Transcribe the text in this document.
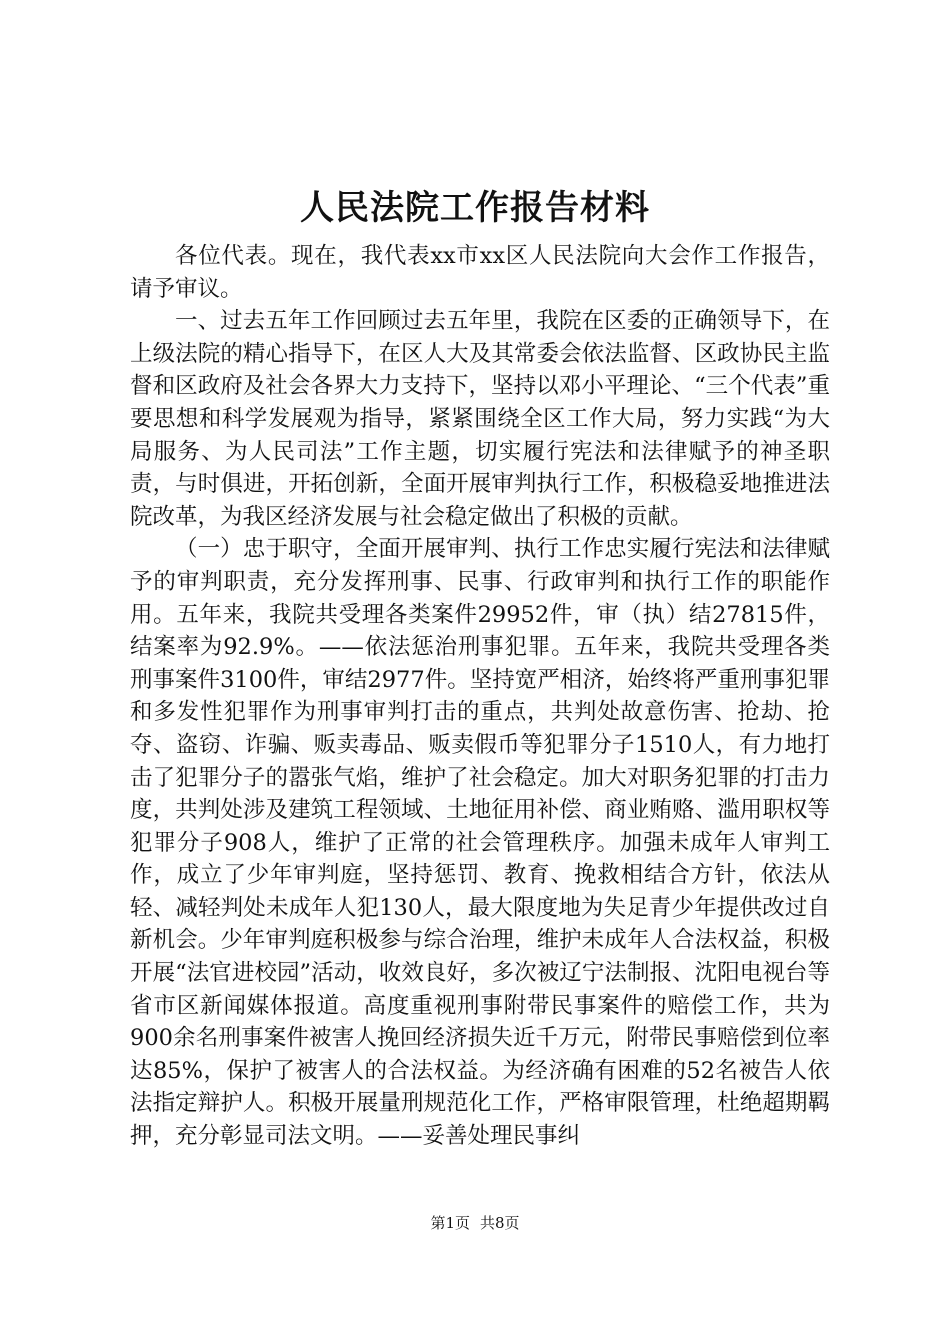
人民法院工作报告材料

各位代表。现在，我代表xx市xx区人民法院向大会作工作报告，请予审议。

一、过去五年工作回顾过去五年里，我院在区委的正确领导下，在上级法院的精心指导下，在区人大及其常委会依法监督、区政协民主监督和区政府及社会各界大力支持下，坚持以邓小平理论、“三个代表”重要思想和科学发展观为指导，紧紧围绕全区工作大局，努力实践“为大局服务、为人民司法”工作主题，切实履行宪法和法律赋予的神圣职责，与时俱进，开拓创新，全面开展审判执行工作，积极稳妥地推进法院改革，为我区经济发展与社会稳定做出了积极的贡献。

（一）忠于职守，全面开展审判、执行工作忠实履行宪法和法律赋予的审判职责，充分发挥刑事、民事、行政审判和执行工作的职能作用。五年来，我院共受理各类案件29952件，审（执）结27815件，结案率为92.9%。——依法惩治刑事犯罪。五年来，我院共受理各类刑事案件3100件，审结2977件。坚持宽严相济，始终将严重刑事犯罪和多发性犯罪作为刑事审判打击的重点，共判处故意伤害、抢劫、抢夺、盗窃、诈骗、贩卖毒品、贩卖假币等犯罪分子1510人，有力地打击了犯罪分子的嚣张气焰，维护了社会稳定。加大对职务犯罪的打击力度，共判处涉及建筑工程领域、土地征用补偿、商业贿赂、滥用职权等犯罪分子908人，维护了正常的社会管理秩序。加强未成年人审判工作，成立了少年审判庭，坚持惩罚、教育、挽救相结合方针，依法从轻、减轻判处未成年人犯130人，最大限度地为失足青少年提供改过自新机会。少年审判庭积极参与综合治理，维护未成年人合法权益，积极开展“法官进校园”活动，收效良好，多次被辽宁法制报、沈阳电视台等省市区新闻媒体报道。高度重视刑事附带民事案件的赔偿工作，共为900余名刑事案件被害人挽回经济损失近千万元，附带民事赔偿到位率达85%，保护了被害人的合法权益。为经济确有困难的52名被告人依法指定辩护人。积极开展量刑规范化工作，严格审限管理，杜绝超期羁押，充分彰显司法文明。——妥善处理民事纠

第1页 共8页
